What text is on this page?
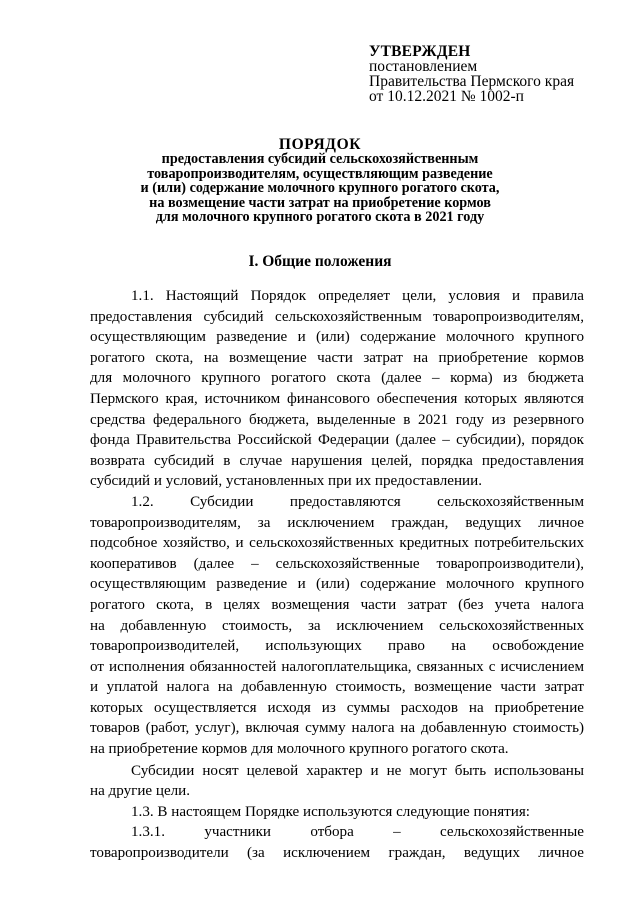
УТВЕРЖДЕН
постановлением
Правительства Пермского края
от 10.12.2021 № 1002-п
ПОРЯДОК
предоставления субсидий сельскохозяйственным
товаропроизводителям, осуществляющим разведение
и (или) содержание молочного крупного рогатого скота,
на возмещение части затрат на приобретение кормов
для молочного крупного рогатого скота в 2021 году
I. Общие положения
1.1. Настоящий Порядок определяет цели, условия и правила
предоставления субсидий сельскохозяйственным товаропроизводителям,
осуществляющим разведение и (или) содержание молочного крупного
рогатого скота, на возмещение части затрат на приобретение кормов
для молочного крупного рогатого скота (далее – корма) из бюджета
Пермского края, источником финансового обеспечения которых являются
средства федерального бюджета, выделенные в 2021 году из резервного
фонда Правительства Российской Федерации (далее – субсидии), порядок
возврата субсидий в случае нарушения целей, порядка предоставления
субсидий и условий, установленных при их предоставлении.
1.2. Субсидии предоставляются сельскохозяйственным
товаропроизводителям, за исключением граждан, ведущих личное
подсобное хозяйство, и сельскохозяйственных кредитных потребительских
кооперативов (далее – сельскохозяйственные товаропроизводители),
осуществляющим разведение и (или) содержание молочного крупного
рогатого скота, в целях возмещения части затрат (без учета налога
на добавленную стоимость, за исключением сельскохозяйственных
товаропроизводителей, использующих право на освобождение
от исполнения обязанностей налогоплательщика, связанных с исчислением
и уплатой налога на добавленную стоимость, возмещение части затрат
которых осуществляется исходя из суммы расходов на приобретение
товаров (работ, услуг), включая сумму налога на добавленную стоимость)
на приобретение кормов для молочного крупного рогатого скота.
Субсидии носят целевой характер и не могут быть использованы
на другие цели.
1.3. В настоящем Порядке используются следующие понятия:
1.3.1. участники отбора – сельскохозяйственные
товаропроизводители (за исключением граждан, ведущих личное
